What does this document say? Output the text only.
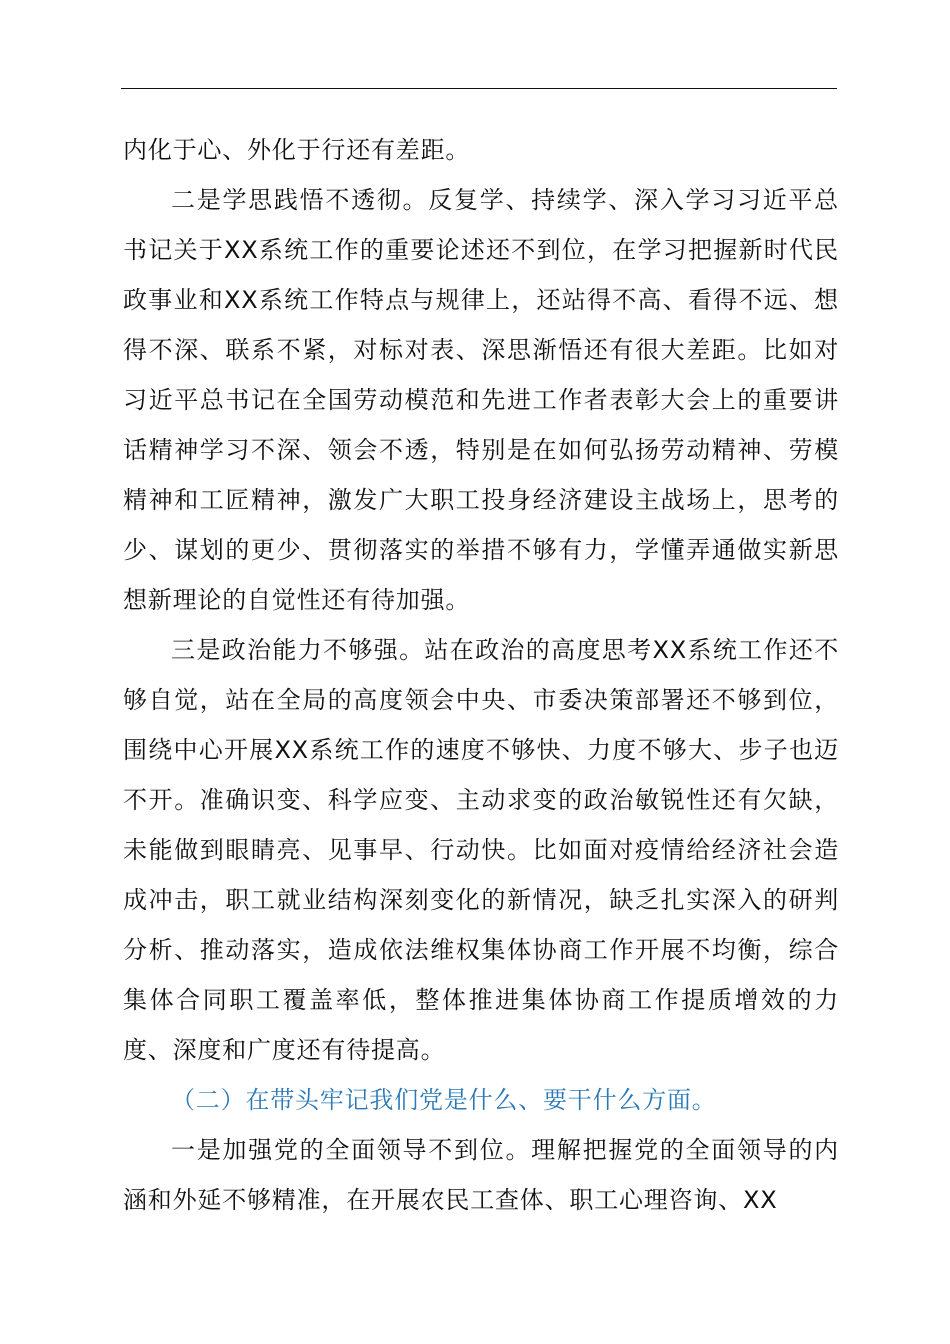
内化于心、外化于行还有差距。

二是学思践悟不透彻。反复学、持续学、深入学习习近平总书记关于XX系统工作的重要论述还不到位，在学习把握新时代民政事业和XX系统工作特点与规律上，还站得不高、看得不远、想得不深、联系不紧，对标对表、深思渐悟还有很大差距。比如对习近平总书记在全国劳动模范和先进工作者表彰大会上的重要讲话精神学习不深、领会不透，特别是在如何弘扬劳动精神、劳模精神和工匠精神，激发广大职工投身经济建设主战场上，思考的少、谋划的更少、贯彻落实的举措不够有力，学懂弄通做实新思想新理论的自觉性还有待加强。

三是政治能力不够强。站在政治的高度思考XX系统工作还不够自觉，站在全局的高度领会中央、市委决策部署还不够到位，围绕中心开展XX系统工作的速度不够快、力度不够大、步子也迈不开。准确识变、科学应变、主动求变的政治敏锐性还有欠缺，未能做到眼睛亮、见事早、行动快。比如面对疫情给经济社会造成冲击，职工就业结构深刻变化的新情况，缺乏扎实深入的研判分析、推动落实，造成依法维权集体协商工作开展不均衡，综合集体合同职工覆盖率低，整体推进集体协商工作提质增效的力度、深度和广度还有待提高。

（二）在带头牢记我们党是什么、要干什么方面。

一是加强党的全面领导不到位。理解把握党的全面领导的内涵和外延不够精准，在开展农民工查体、职工心理咨询、XX
